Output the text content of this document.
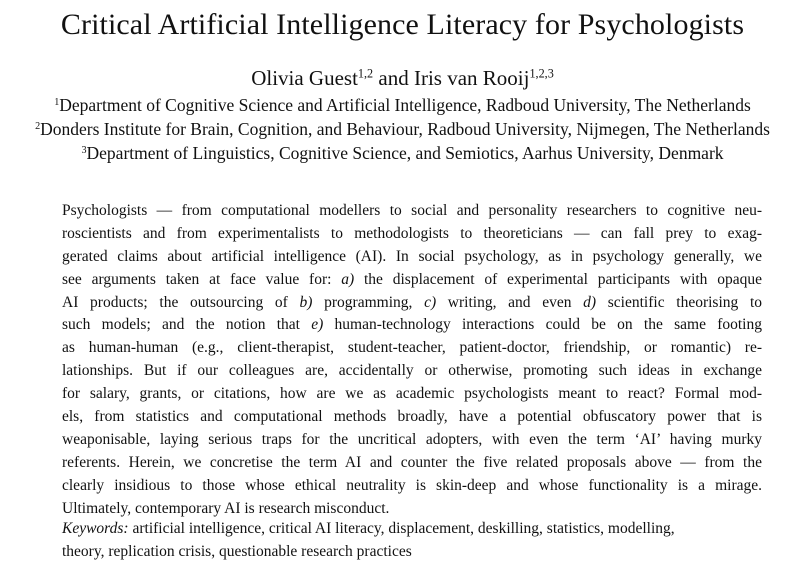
Critical Artificial Intelligence Literacy for Psychologists
Olivia Guest$^{1,2}$ and Iris van Rooij$^{1,2,3}$
$^1$Department of Cognitive Science and Artificial Intelligence, Radboud University, The Netherlands
$^2$Donders Institute for Brain, Cognition, and Behaviour, Radboud University, Nijmegen, The Netherlands
$^3$Department of Linguistics, Cognitive Science, and Semiotics, Aarhus University, Denmark
Psychologists — from computational modellers to social and personality researchers to cognitive neu-
roscientists and from experimentalists to methodologists to theoreticians — can fall prey to exag-
gerated claims about artificial intelligence (AI). In social psychology, as in psychology generally, we
see arguments taken at face value for: a) the displacement of experimental participants with opaque
AI products; the outsourcing of b) programming, c) writing, and even d) scientific theorising to
such models; and the notion that e) human-technology interactions could be on the same footing
as human-human (e.g., client-therapist, student-teacher, patient-doctor, friendship, or romantic) re-
lationships. But if our colleagues are, accidentally or otherwise, promoting such ideas in exchange
for salary, grants, or citations, how are we as academic psychologists meant to react? Formal mod-
els, from statistics and computational methods broadly, have a potential obfuscatory power that is
weaponisable, laying serious traps for the uncritical adopters, with even the term ‘AI’ having murky
referents. Herein, we concretise the term AI and counter the five related proposals above — from the
clearly insidious to those whose ethical neutrality is skin-deep and whose functionality is a mirage.
Ultimately, contemporary AI is research misconduct.
Keywords: artificial intelligence, critical AI literacy, displacement, deskilling, statistics, modelling,
theory, replication crisis, questionable research practices
